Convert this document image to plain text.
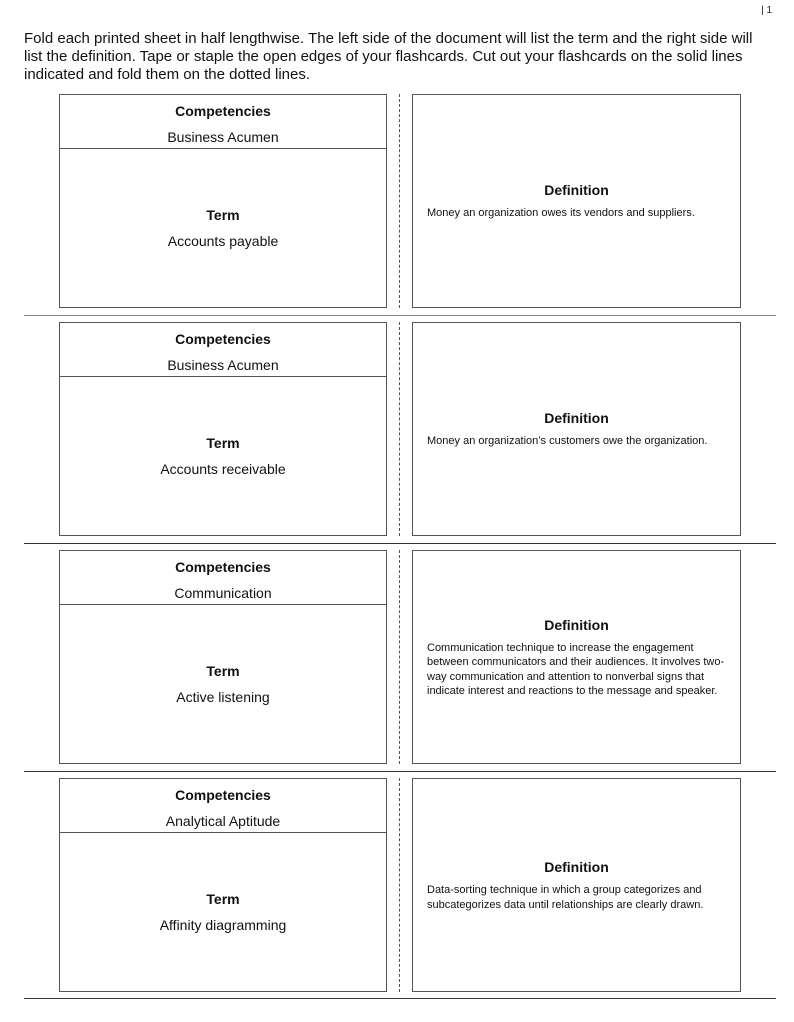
| 1

Fold each printed sheet in half lengthwise. The left side of the document will list the term and the right side will list the definition. Tape or staple the open edges of your flashcards. Cut out your flashcards on the solid lines indicated and fold them on the dotted lines.

Competencies
Business Acumen
Term
Accounts payable
Definition
Money an organization owes its vendors and suppliers.
Competencies
Business Acumen
Term
Accounts receivable
Definition
Money an organization’s customers owe the organization.
Competencies
Communication
Term
Active listening
Definition
Communication technique to increase the engagement between communicators and their audiences. It involves two-way communication and attention to nonverbal signs that indicate interest and reactions to the message and speaker.
Competencies
Analytical Aptitude
Term
Affinity diagramming
Definition
Data-sorting technique in which a group categorizes and subcategorizes data until relationships are clearly drawn.
